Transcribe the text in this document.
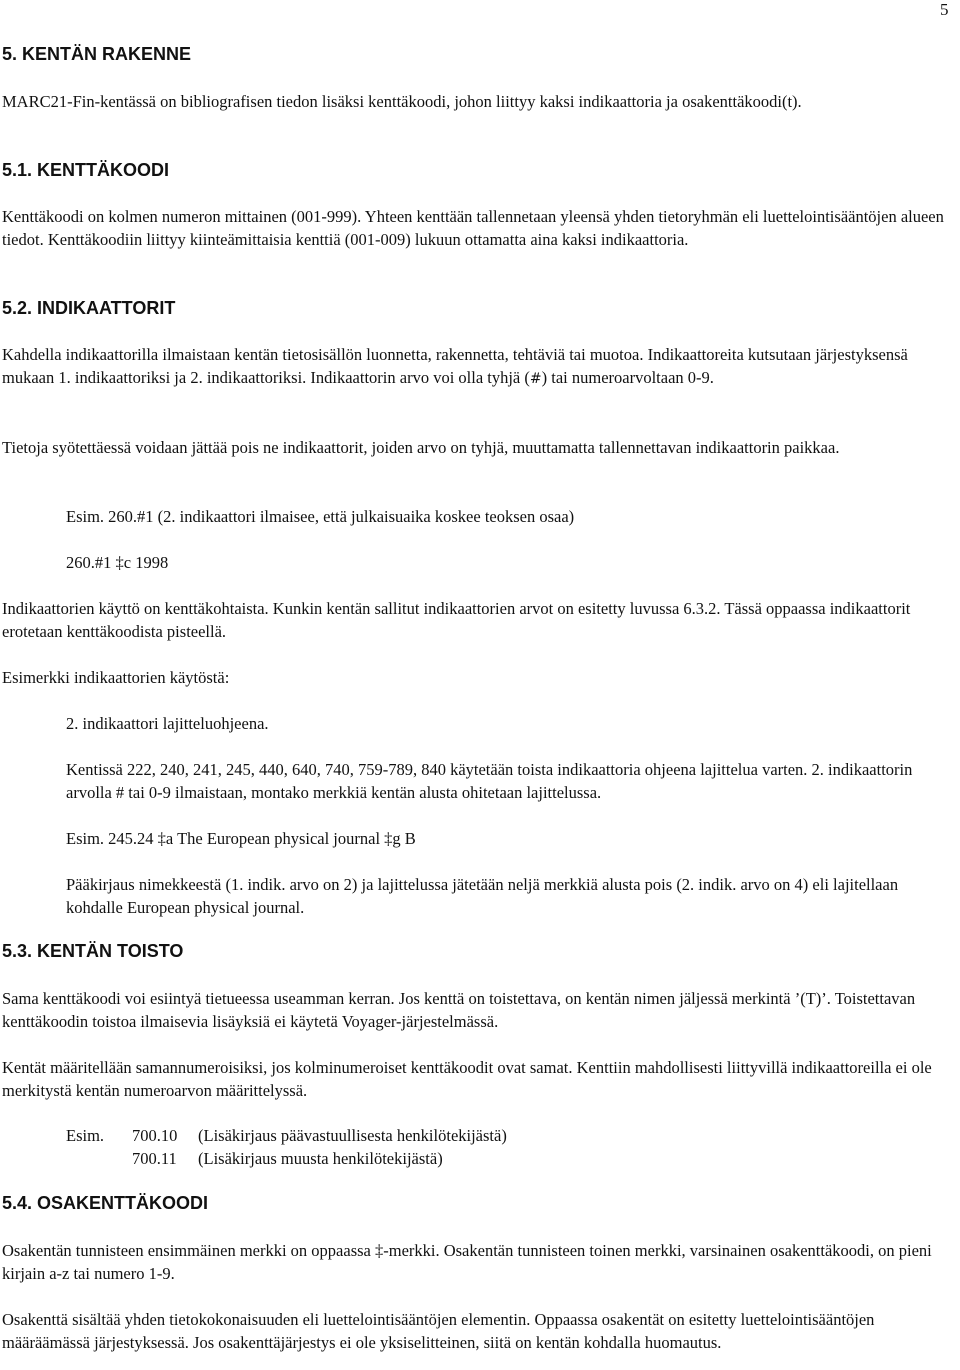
5
5. KENTÄN RAKENNE

MARC21-Fin-kentässä on bibliografisen tiedon lisäksi kenttäkoodi, johon liittyy kaksi indikaattoria ja osakenttäkoodi(t).

5.1. KENTTÄKOODI

Kenttäkoodi on kolmen numeron mittainen (001-999). Yhteen kenttään tallennetaan yleensä yhden tietoryhmän eli luettelointisääntöjen alueen tiedot. Kenttäkoodiin liittyy kiinteämittaisia kenttiä (001-009) lukuun ottamatta aina kaksi indikaattoria.

5.2. INDIKAATTORIT

Kahdella indikaattorilla ilmaistaan kentän tietosisällön luonnetta, rakennetta, tehtäviä tai muotoa. Indikaattoreita kutsutaan järjestyksensä mukaan 1. indikaattoriksi ja 2. indikaattoriksi. Indikaattorin arvo voi olla tyhjä (#) tai numeroarvoltaan 0-9.

Tietoja syötettäessä voidaan jättää pois ne indikaattorit, joiden arvo on tyhjä, muuttamatta tallennettavan indikaattorin paikkaa.

Esim. 260.#1 (2. indikaattori ilmaisee, että julkaisuaika koskee teoksen osaa)

260.#1 ‡c 1998

Indikaattorien käyttö on kenttäkohtaista. Kunkin kentän sallitut indikaattorien arvot on esitetty luvussa 6.3.2. Tässä oppaassa indikaattorit erotetaan kenttäkoodista pisteellä.

Esimerkki indikaattorien käytöstä:

2. indikaattori lajitteluohjeena.

Kentissä 222, 240, 241, 245, 440, 640, 740, 759-789, 840 käytetään toista indikaattoria ohjeena lajittelua varten. 2. indikaattorin arvolla # tai 0-9 ilmaistaan, montako merkkiä kentän alusta ohitetaan lajittelussa.

Esim. 245.24 ‡a The European physical journal ‡g B

Pääkirjaus nimekkeestä (1. indik. arvo on 2) ja lajittelussa jätetään neljä merkkiä alusta pois (2. indik. arvo on 4) eli lajitellaan kohdalle European physical journal.

5.3. KENTÄN TOISTO

Sama kenttäkoodi voi esiintyä tietueessa useamman kerran. Jos kenttä on toistettava, on kentän nimen jäljessä merkintä ’(T)’. Toistettavan kenttäkoodin toistoa ilmaisevia lisäyksiä ei käytetä Voyager-järjestelmässä.

Kentät määritellään samannumeroisiksi, jos kolminumeroiset kenttäkoodit ovat samat. Kenttiin mahdollisesti liittyvillä indikaattoreilla ei ole merkitystä kentän numeroarvon määrittelyssä.

Esim.	700.10	(Lisäkirjaus päävastuullisesta henkilötekijästä)
	700.11	(Lisäkirjaus muusta henkilötekijästä)
5.4. OSAKENTTÄKOODI

Osakentän tunnisteen ensimmäinen merkki on oppaassa ‡-merkki. Osakentän tunnisteen toinen merkki, varsinainen osakenttäkoodi, on pieni kirjain a-z tai numero 1-9.

Osakenttä sisältää yhden tietokokonaisuuden eli luettelointisääntöjen elementin. Oppaassa osakentät on esitetty luettelointisääntöjen määräämässä järjestyksessä. Jos osakenttäjärjestys ei ole yksiselitteinen, siitä on kentän kohdalla huomautus.
